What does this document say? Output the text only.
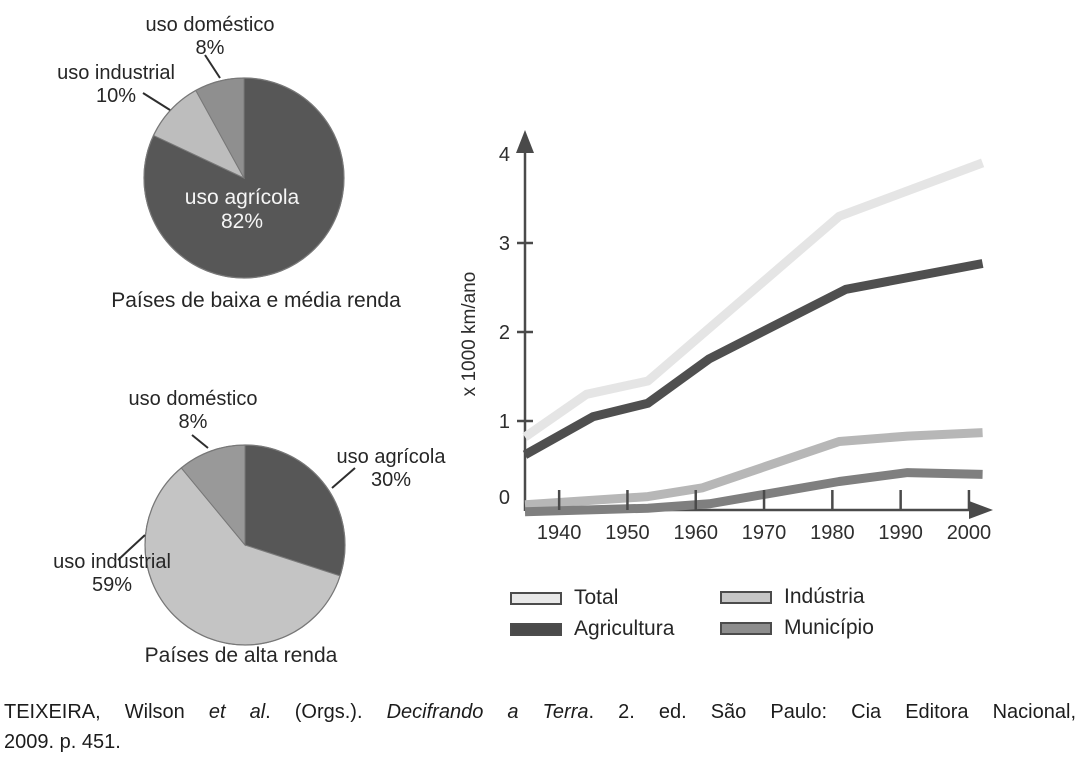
uso doméstico
8%
uso industrial
10%
uso agrícola
82%
Países de baixa e média renda
uso doméstico
8%
uso agrícola
30%
uso industrial
59%
Países de alta renda
x 1000 km/ano
1940 1950 1960 1970 1980 1990 2000
0
1
2
3
4
Total
Agricultura
Indústria
Município

TEIXEIRA, Wilson et al. (Orgs.). Decifrando a Terra. 2. ed. São Paulo: Cia Editora Nacional,
2009. p. 451.
